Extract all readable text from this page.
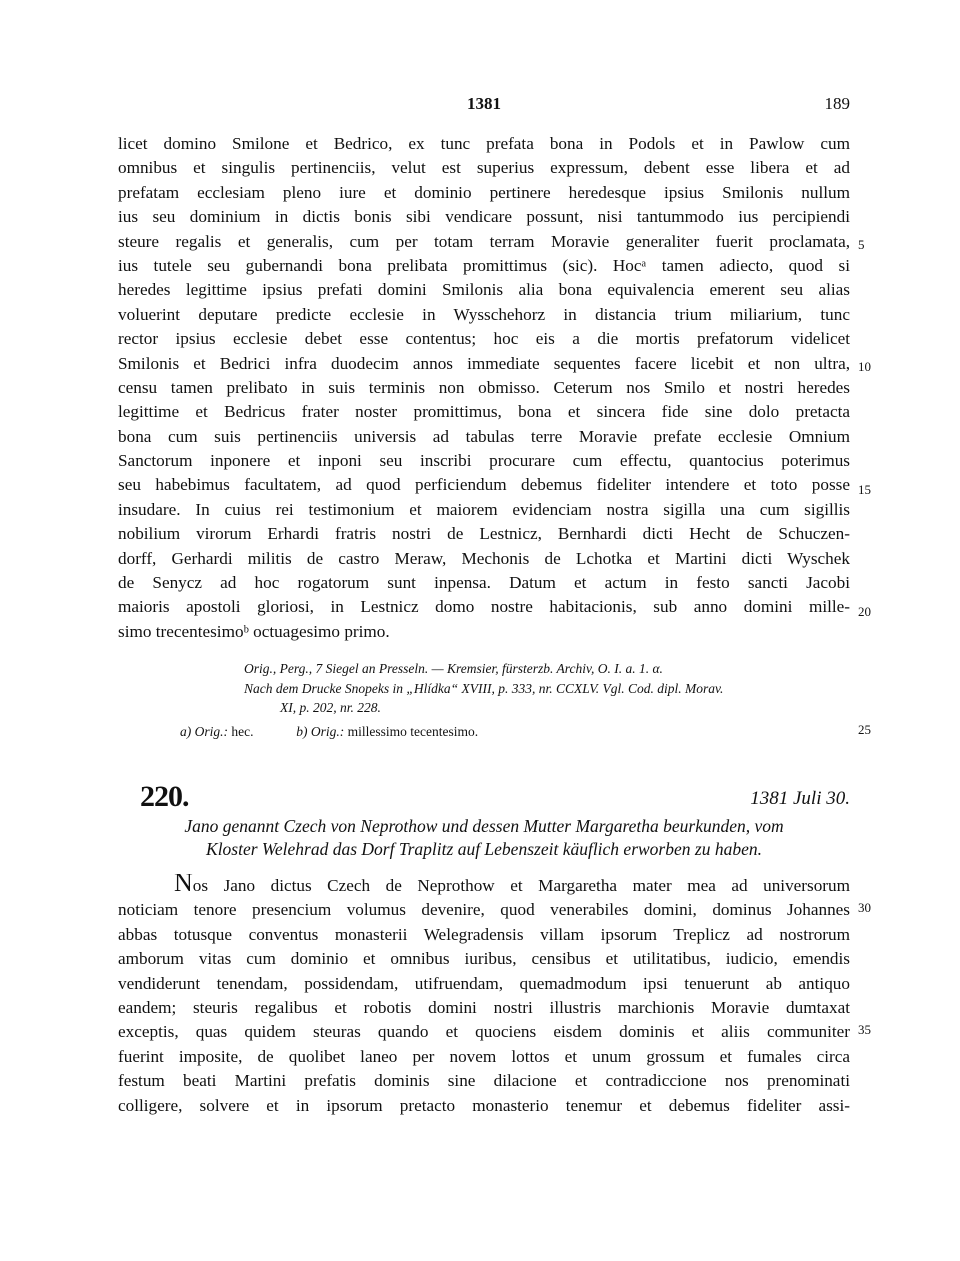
1381	189
licet domino Smilone et Bedrico, ex tunc prefata bona in Podols et in Pawlow cum
omnibus et singulis pertinenciis, velut est superius expressum, debent esse libera et ad
prefatam ecclesiam pleno iure et dominio pertinere heredesque ipsius Smilonis nullum
ius seu dominium in dictis bonis sibi vendicare possunt, nisi tantummodo ius percipiendi
steure regalis et generalis, cum per totam terram Moravie generaliter fuerit proclamata,
ius tutele seu gubernandi bona prelibata promittimus (sic). Hocᵃ tamen adiecto, quod si
heredes legittime ipsius prefati domini Smilonis alia bona equivalencia emerent seu alias
voluerint deputare predicte ecclesie in Wysschehorz in distancia trium miliarium, tunc
rector ipsius ecclesie debet esse contentus; hoc eis a die mortis prefatorum videlicet
Smilonis et Bedrici infra duodecim annos immediate sequentes facere licebit et non ultra,
censu tamen prelibato in suis terminis non obmisso. Ceterum nos Smilo et nostri heredes
legittime et Bedricus frater noster promittimus, bona et sincera fide sine dolo pretacta
bona cum suis pertinenciis universis ad tabulas terre Moravie prefate ecclesie Omnium
Sanctorum inponere et inponi seu inscribi procurare cum effectu, quantocius poterimus
seu habebimus facultatem, ad quod perficiendum debemus fideliter intendere et toto posse
insudare. In cuius rei testimonium et maiorem evidenciam nostra sigilla una cum sigillis
nobilium virorum Erhardi fratris nostri de Lestnicz, Bernhardi dicti Hecht de Schuczen-
dorff, Gerhardi militis de castro Meraw, Mechonis de Lchotka et Martini dicti Wyschek
de Senycz ad hoc rogatorum sunt inpensa. Datum et actum in festo sancti Jacobi
maioris apostoli gloriosi, in Lestnicz domo nostre habitacionis, sub anno domini mille-
simo trecentesimoᵇ octuagesimo primo.
5
10
15
20
25
Orig., Perg., 7 Siegel an Presseln. — Kremsier, fürsterzb. Archiv, O. I. a. 1. α.
Nach dem Drucke Snopeks in „Hlídka“ XVIII, p. 333, nr. CCXLV. Vgl. Cod. dipl. Morav.
XI, p. 202, nr. 228.
a) Orig.: hec.	b) Orig.: millessimo tecentesimo.
220.	1381 Juli 30.
Jano genannt Czech von Neprothow und dessen Mutter Margaretha beurkunden, vom
Kloster Welehrad das Dorf Traplitz auf Lebenszeit käuflich erworben zu haben.
Nos Jano dictus Czech de Neprothow et Margaretha mater mea ad universorum
noticiam tenore presencium volumus devenire, quod venerabiles domini, dominus Johannes
abbas totusque conventus monasterii Welegradensis villam ipsorum Treplicz ad nostrorum
amborum vitas cum dominio et omnibus iuribus, censibus et utilitatibus, iudicio, emendis
vendiderunt tenendam, possidendam, utifruendam, quemadmodum ipsi tenuerunt ab antiquo
eandem; steuris regalibus et robotis domini nostri illustris marchionis Moravie dumtaxat
exceptis, quas quidem steuras quando et quociens eisdem dominis et aliis communiter
fuerint imposite, de quolibet laneo per novem lottos et unum grossum et fumales circa
festum beati Martini prefatis dominis sine dilacione et contradiccione nos prenominati
colligere, solvere et in ipsorum pretacto monasterio tenemur et debemus fideliter assi-
30
35
